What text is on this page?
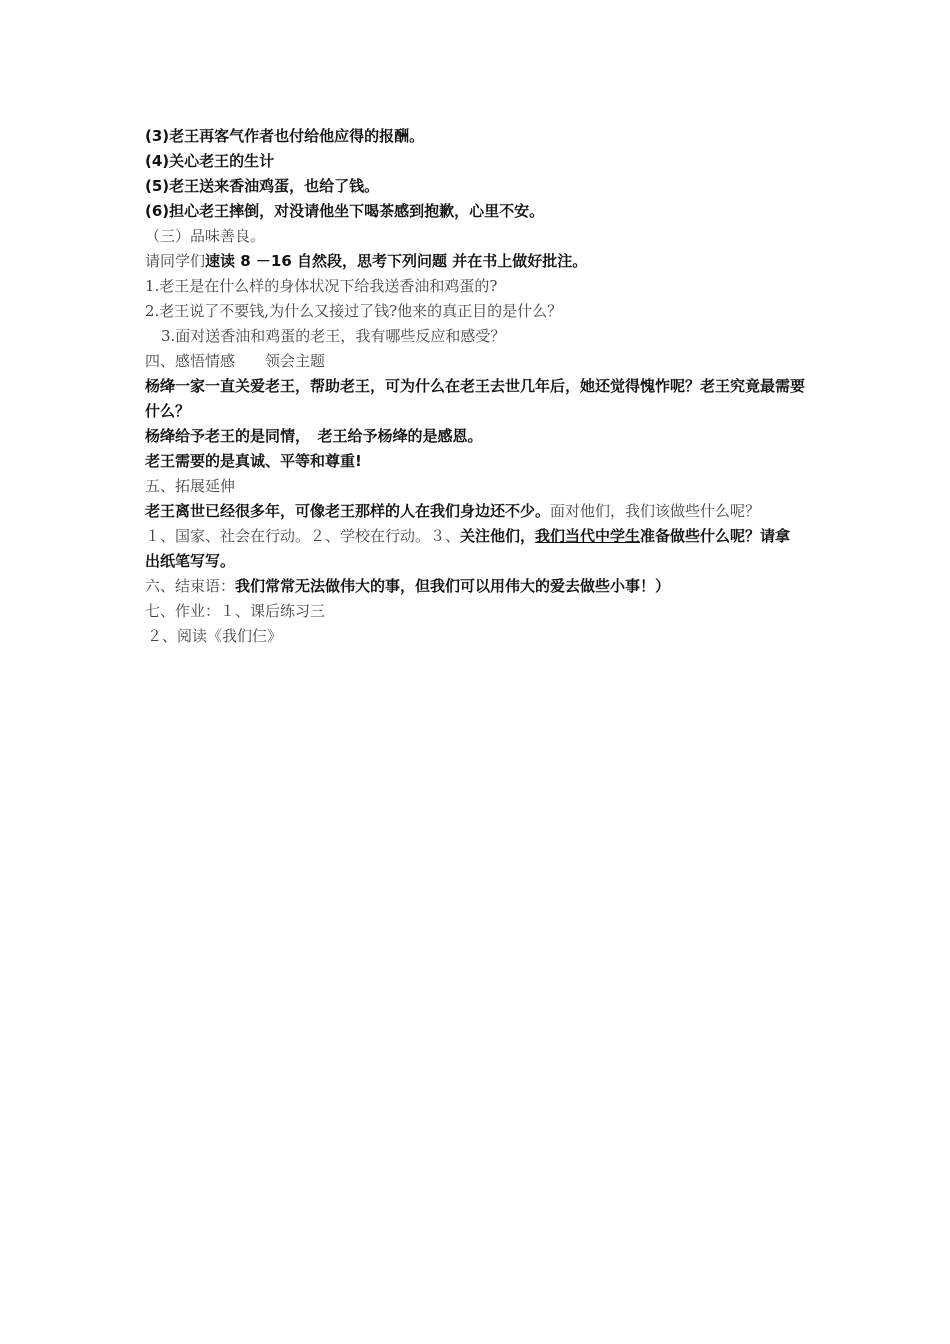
(3)老王再客气作者也付给他应得的报酬。

(4)关心老王的生计

(5)老王送来香油鸡蛋，也给了钱。

(6)担心老王摔倒，对没请他坐下喝茶感到抱歉，心里不安。

（三）品味善良。

请同学们速读 8 －16 自然段，思考下列问题 并在书上做好批注。

1.老王是在什么样的身体状况下给我送香油和鸡蛋的?

2.老王说了不要钱,为什么又接过了钱?他来的真正目的是什么？

3.面对送香油和鸡蛋的老王，我有哪些反应和感受？

四、感悟情感　　领会主题

杨绛一家一直关爱老王，帮助老王，可为什么在老王去世几年后，她还觉得愧怍呢？老王究竟最需要什么？

杨绛给予老王的是同情，　老王给予杨绛的是感恩。

老王需要的是真诚、平等和尊重!

五、拓展延伸

老王离世已经很多年，可像老王那样的人在我们身边还不少。面对他们，我们该做些什么呢？

１、国家、社会在行动。２、学校在行动。３、关注他们，我们当代中学生准备做些什么呢？请拿出纸笔写写。

六、结束语：我们常常无法做伟大的事，但我们可以用伟大的爱去做些小事！）

七、作业：１、课后练习三

２、阅读《我们仨》
